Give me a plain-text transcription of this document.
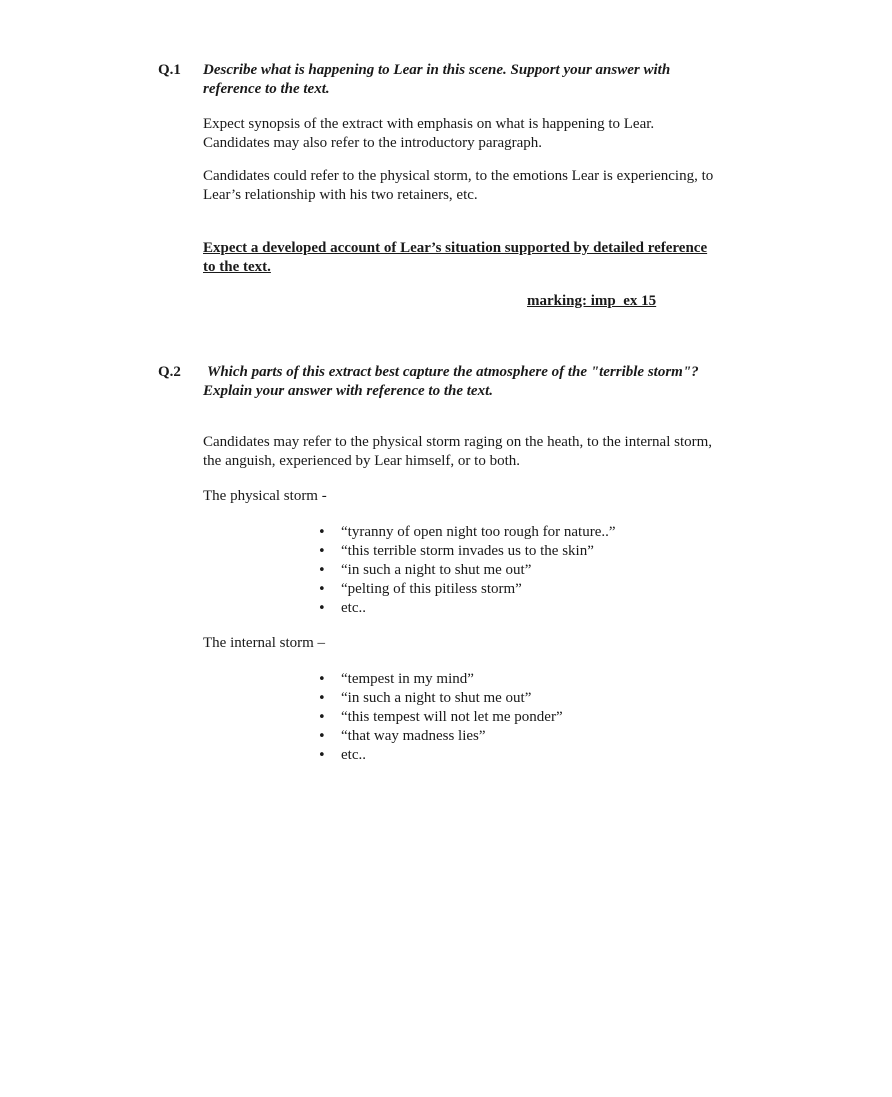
Q.1 Describe what is happening to Lear in this scene. Support your answer with
reference to the text.
Expect synopsis of the extract with emphasis on what is happening to Lear.
Candidates may also refer to the introductory paragraph.
Candidates could refer to the physical storm, to the emotions Lear is experiencing, to
Lear’s relationship with his two retainers, etc.
Expect a developed account of Lear’s situation supported by detailed reference
to the text.
marking: imp  ex 15
Q.2 Which parts of this extract best capture the atmosphere of the "terrible storm"?
Explain your answer with reference to the text.
Candidates may refer to the physical storm raging on the heath, to the internal storm,
the anguish, experienced by Lear himself, or to both.
The physical storm -
• “tyranny of open night too rough for nature..”
• “this terrible storm invades us to the skin”
• “in such a night to shut me out”
• “pelting of this pitiless storm”
• etc..
The internal storm –
• “tempest in my mind”
• “in such a night to shut me out”
• “this tempest will not let me ponder”
• “that way madness lies”
• etc..
